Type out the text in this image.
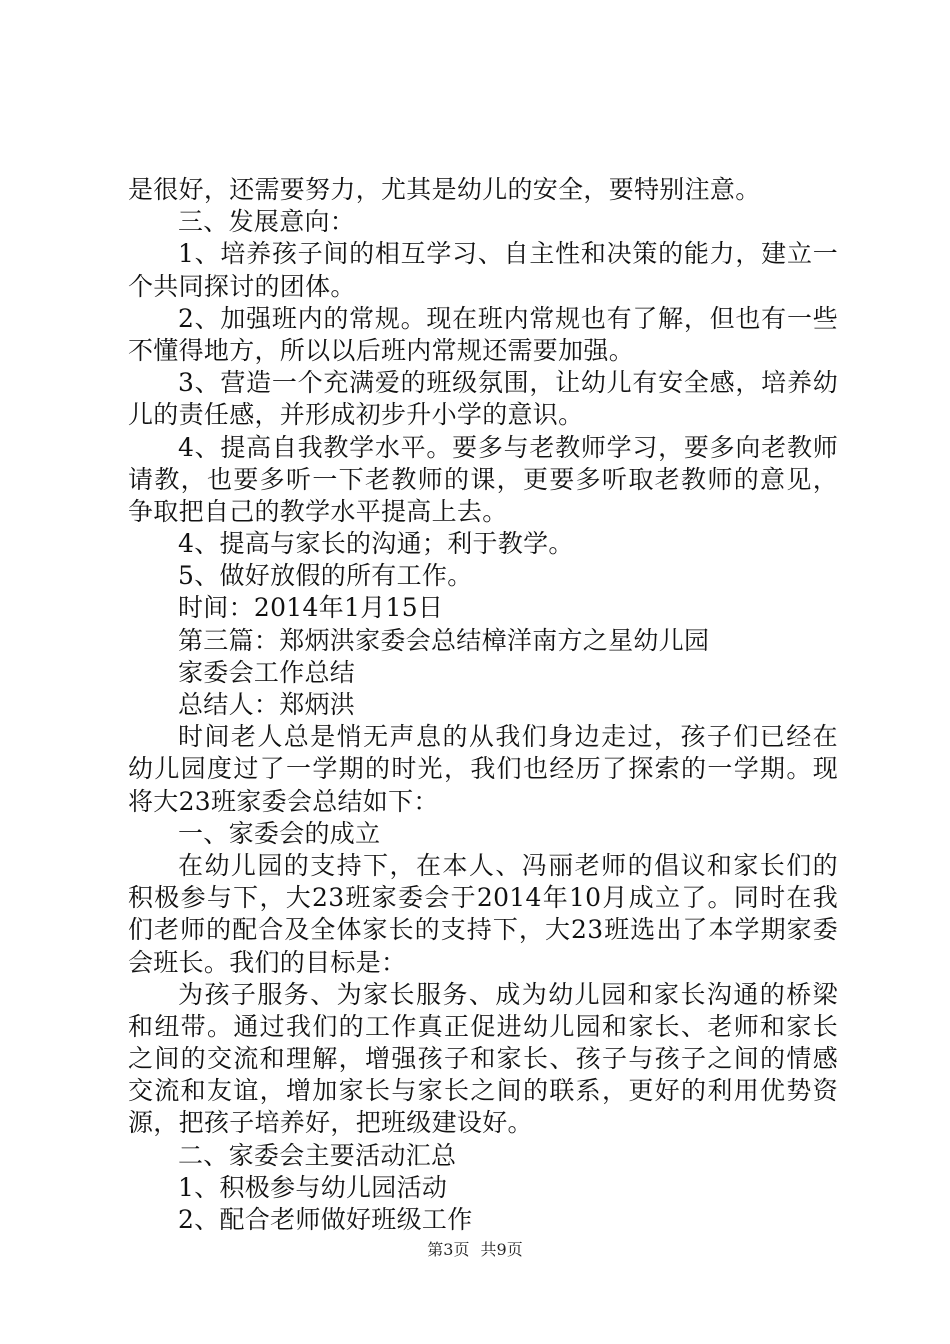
是很好，还需要努力，尤其是幼儿的安全，要特别注意。
三、发展意向：
1、培养孩子间的相互学习、自主性和决策的能力，建立一
个共同探讨的团体。
2、加强班内的常规。现在班内常规也有了解，但也有一些
不懂得地方，所以以后班内常规还需要加强。
3、营造一个充满爱的班级氛围，让幼儿有安全感，培养幼
儿的责任感，并形成初步升小学的意识。
4、提高自我教学水平。要多与老教师学习，要多向老教师
请教，也要多听一下老教师的课，更要多听取老教师的意见，
争取把自己的教学水平提高上去。
4、提高与家长的沟通；利于教学。
5、做好放假的所有工作。
时间：2014年1月15日
第三篇：郑炳洪家委会总结樟洋南方之星幼儿园
家委会工作总结
总结人：郑炳洪
时间老人总是悄无声息的从我们身边走过，孩子们已经在
幼儿园度过了一学期的时光，我们也经历了探索的一学期。现
将大23班家委会总结如下：
一、家委会的成立
在幼儿园的支持下，在本人、冯丽老师的倡议和家长们的
积极参与下，大23班家委会于2014年10月成立了。同时在我
们老师的配合及全体家长的支持下，大23班选出了本学期家委
会班长。我们的目标是：
为孩子服务、为家长服务、成为幼儿园和家长沟通的桥梁
和纽带。通过我们的工作真正促进幼儿园和家长、老师和家长
之间的交流和理解，增强孩子和家长、孩子与孩子之间的情感
交流和友谊，增加家长与家长之间的联系，更好的利用优势资
源，把孩子培养好，把班级建设好。
二、家委会主要活动汇总
1、积极参与幼儿园活动
2、配合老师做好班级工作
第3页 共9页
